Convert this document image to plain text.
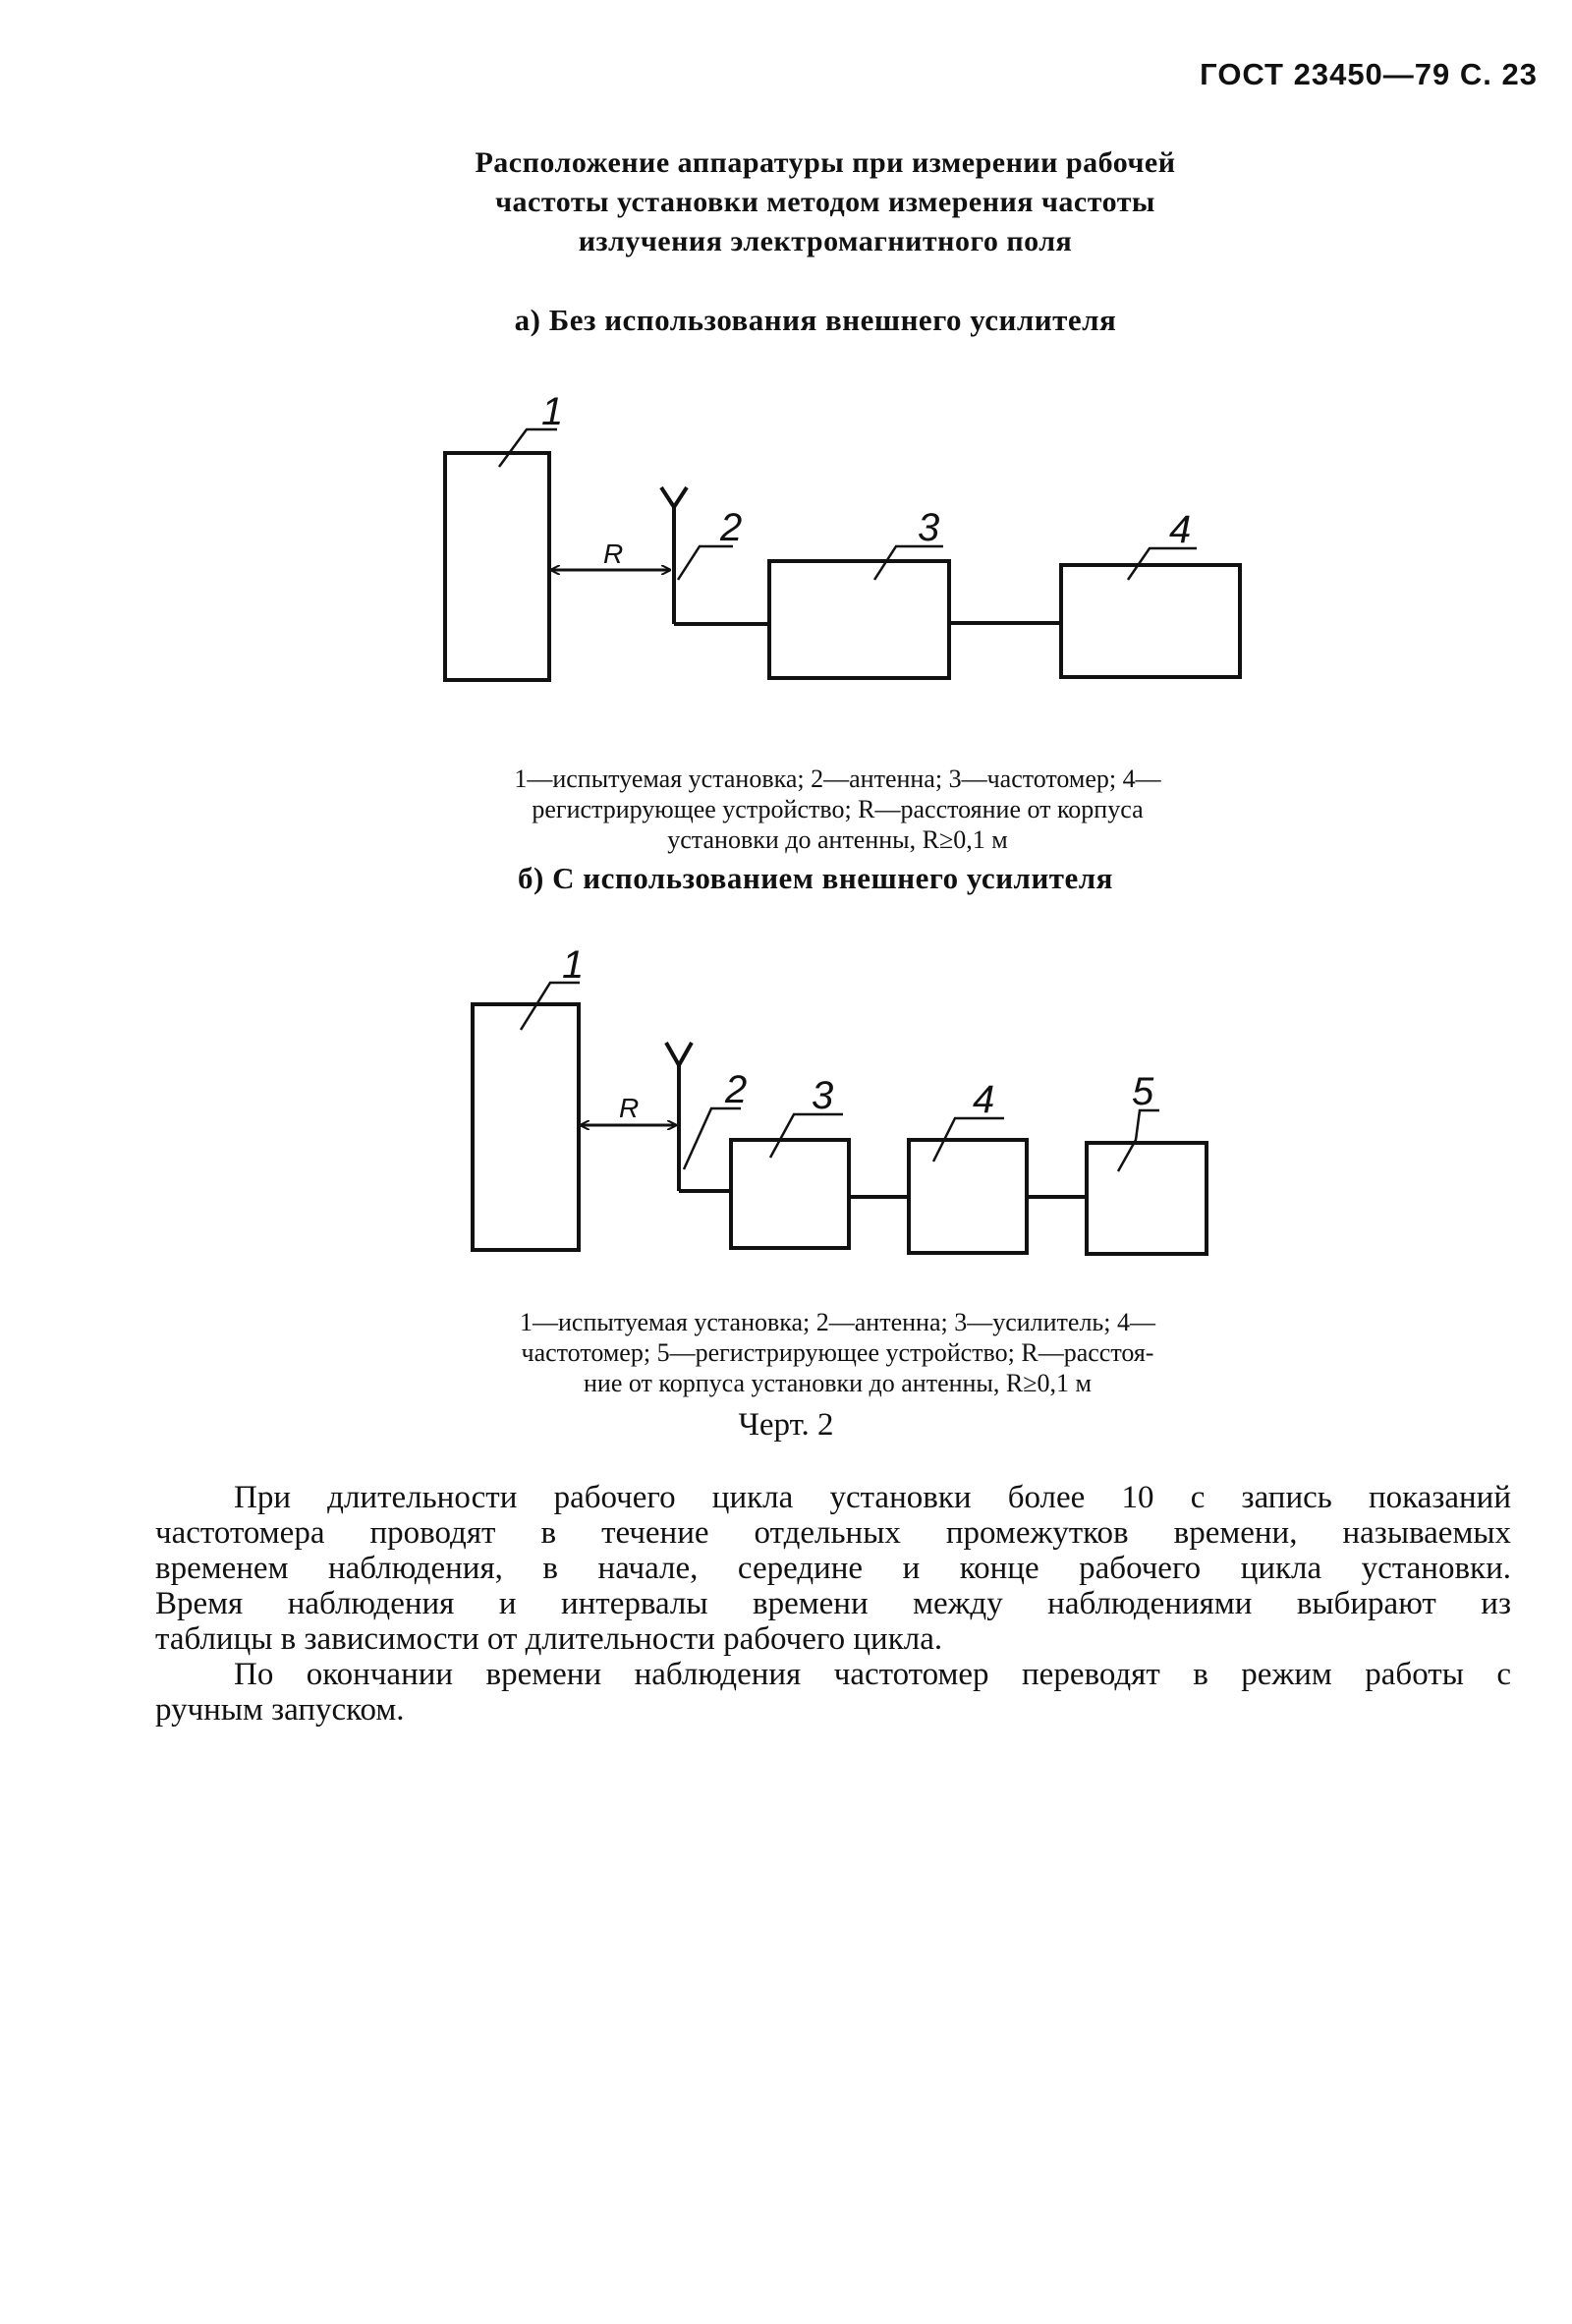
ГОСТ 23450—79 С. 23
Расположение аппаратуры при измерении рабочей
частоты установки методом измерения частоты
излучения электромагнитного поля
а) Без использования внешнего усилителя
1
2	3	4
R
1
2 3	4	5
R
1—испытуемая установка; 2—антенна; 3—частотомер; 4—
регистрирующее устройство; R—расстояние от корпуса
установки до антенны, R≥0,1 м
б) С использованием внешнего усилителя
1—испытуемая установка; 2—антенна; 3—усилитель; 4—
частотомер; 5—регистрирующее устройство; R—расстоя-
ние от корпуса установки до антенны, R≥0,1 м
Черт. 2
При длительности рабочего цикла установки более 10 с запись показаний
частотомера проводят в течение отдельных промежутков времени, называемых
временем наблюдения, в начале, середине и конце рабочего цикла установки.
Время наблюдения и интервалы времени между наблюдениями выбирают из
таблицы в зависимости от длительности рабочего цикла.
По окончании времени наблюдения частотомер переводят в режим работы с
ручным запуском.
